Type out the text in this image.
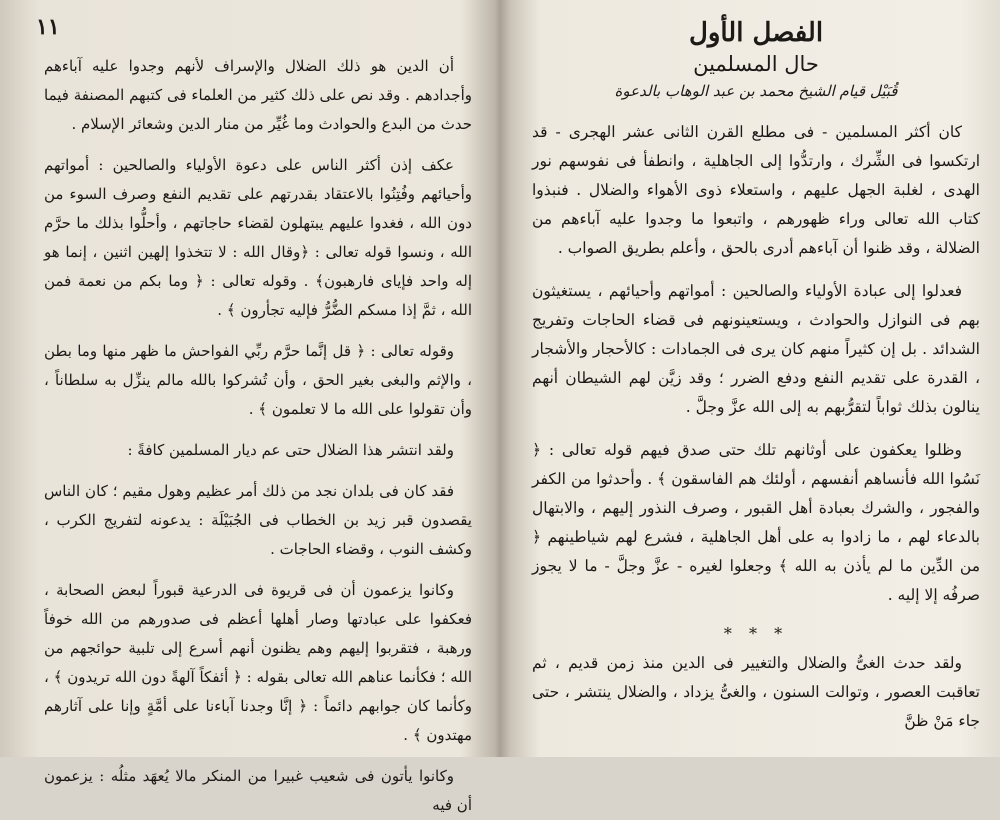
١١

أن الدين هو ذلك الضلال والإسراف لأنهم وجدوا عليه آباءهم وأجدادهم . وقد نص على ذلك كثير من العلماء فى كتبهم المصنفة فيما حدث من البدع والحوادث وما غُيِّر من منار الدين وشعائر الإسلام .

عكف إذن أكثر الناس على دعوة الأولياء والصالحين : أمواتهم وأحيائهم وفُتِنُوا بالاعتقاد بقدرتهم على تقديم النفع وصرف السوء من دون الله ، فغدوا عليهم يبتهلون لقضاء حاجاتهم ، وأحلُّوا بذلك ما حرَّم الله ، ونسوا قوله تعالى : ﴿وقال الله : لا تتخذوا إلهين اثنين ، إنما هو إله واحد فإياى فارهبون﴾ . وقوله تعالى : ﴿ وما بكم من نعمة فمن الله ، ثمَّ إذا مسكم الضُّرُّ فإليه تجأرون ﴾ .

وقوله تعالى : ﴿ قل إنَّما حرَّم ربِّي الفواحش ما ظهر منها وما بطن ، والإثم والبغى بغير الحق ، وأن تُشركوا بالله مالم ينزِّل به سلطاناً ، وأن تقولوا على الله ما لا تعلمون ﴾ .

ولقد انتشر هذا الضلال حتى عم ديار المسلمين كافةً :

فقد كان فى بلدان نجد من ذلك أمر عظيم وهول مقيم ؛ كان الناس يقصدون قبر زيد بن الخطاب فى الجُبَيْلَة : يدعونه لتفريج الكرب ، وكشف النوب ، وقضاء الحاجات .

وكانوا يزعمون أن فى قريوة فى الدرعية قبوراً لبعض الصحابة ، فعكفوا على عبادتها وصار أهلها أعظم فى صدورهم من الله خوفاً ورهبة ، فتقربوا إليهم وهم يظنون أنهم أسرع إلى تلبية حوائجهم من الله ؛ فكأنما عناهم الله تعالى بقوله : ﴿ أئفكاً آلهةً دون الله تريدون ﴾ ، وكأنما كان جوابهم دائماً : ﴿ إنَّا وجدنا آباءنا على أمَّةٍ وإنا على آثارهم مهتدون ﴾ .

وكانوا يأتون فى شعيب غبيرا من المنكر مالا يُعهَد مثلُه : يزعمون أن فيه

الفصل الأول
حال المسلمين
قُبَيْل قيام الشيخ محمد بن عبد الوهاب بالدعوة

كان أكثر المسلمين - فى مطلع القرن الثانى عشر الهجرى - قد ارتكسوا فى الشِّرك ، وارتدُّوا إلى الجاهلية ، وانطفأ فى نفوسهم نور الهدى ، لغلبة الجهل عليهم ، واستعلاء ذوى الأهواء والضلال . فنبذوا كتاب الله تعالى وراء ظهورهم ، واتبعوا ما وجدوا عليه آباءهم من الضلالة ، وقد ظنوا أن آباءهم أدرى بالحق ، وأعلم بطريق الصواب .

فعدلوا إلى عبادة الأولياء والصالحين : أمواتهم وأحيائهم ، يستغيثون بهم فى النوازل والحوادث ، ويستعينونهم فى قضاء الحاجات وتفريج الشدائد . بل إن كثيراً منهم كان يرى فى الجمادات : كالأحجار والأشجار ، القدرة على تقديم النفع ودفع الضرر ؛ وقد زيَّن لهم الشيطان أنهم ينالون بذلك ثواباً لتقرُّبهم به إلى الله عزَّ وجلَّ .

وظلوا يعكفون على أوثانهم تلك حتى صدق فيهم قوله تعالى : ﴿ نَسُوا الله فأنساهم أنفسهم ، أولئك هم الفاسقون ﴾ . وأحدثوا من الكفر والفجور ، والشرك بعبادة أهل القبور ، وصرف النذور إليهم ، والابتهال بالدعاء لهم ، ما زادوا به على أهل الجاهلية ، فشرع لهم شياطينهم ﴿ من الدِّين ما لم يأذن به الله ﴾ وجعلوا لغيره - عزَّ وجلَّ - ما لا يجوز صرفُه إلا إليه .

* * *

ولقد حدث الغىُّ والضلال والتغيير فى الدين منذ زمن قديم ، ثم تعاقبت العصور ، وتوالت السنون ، والغىُّ يزداد ، والضلال ينتشر ، حتى جاء مَنْ ظنَّ
